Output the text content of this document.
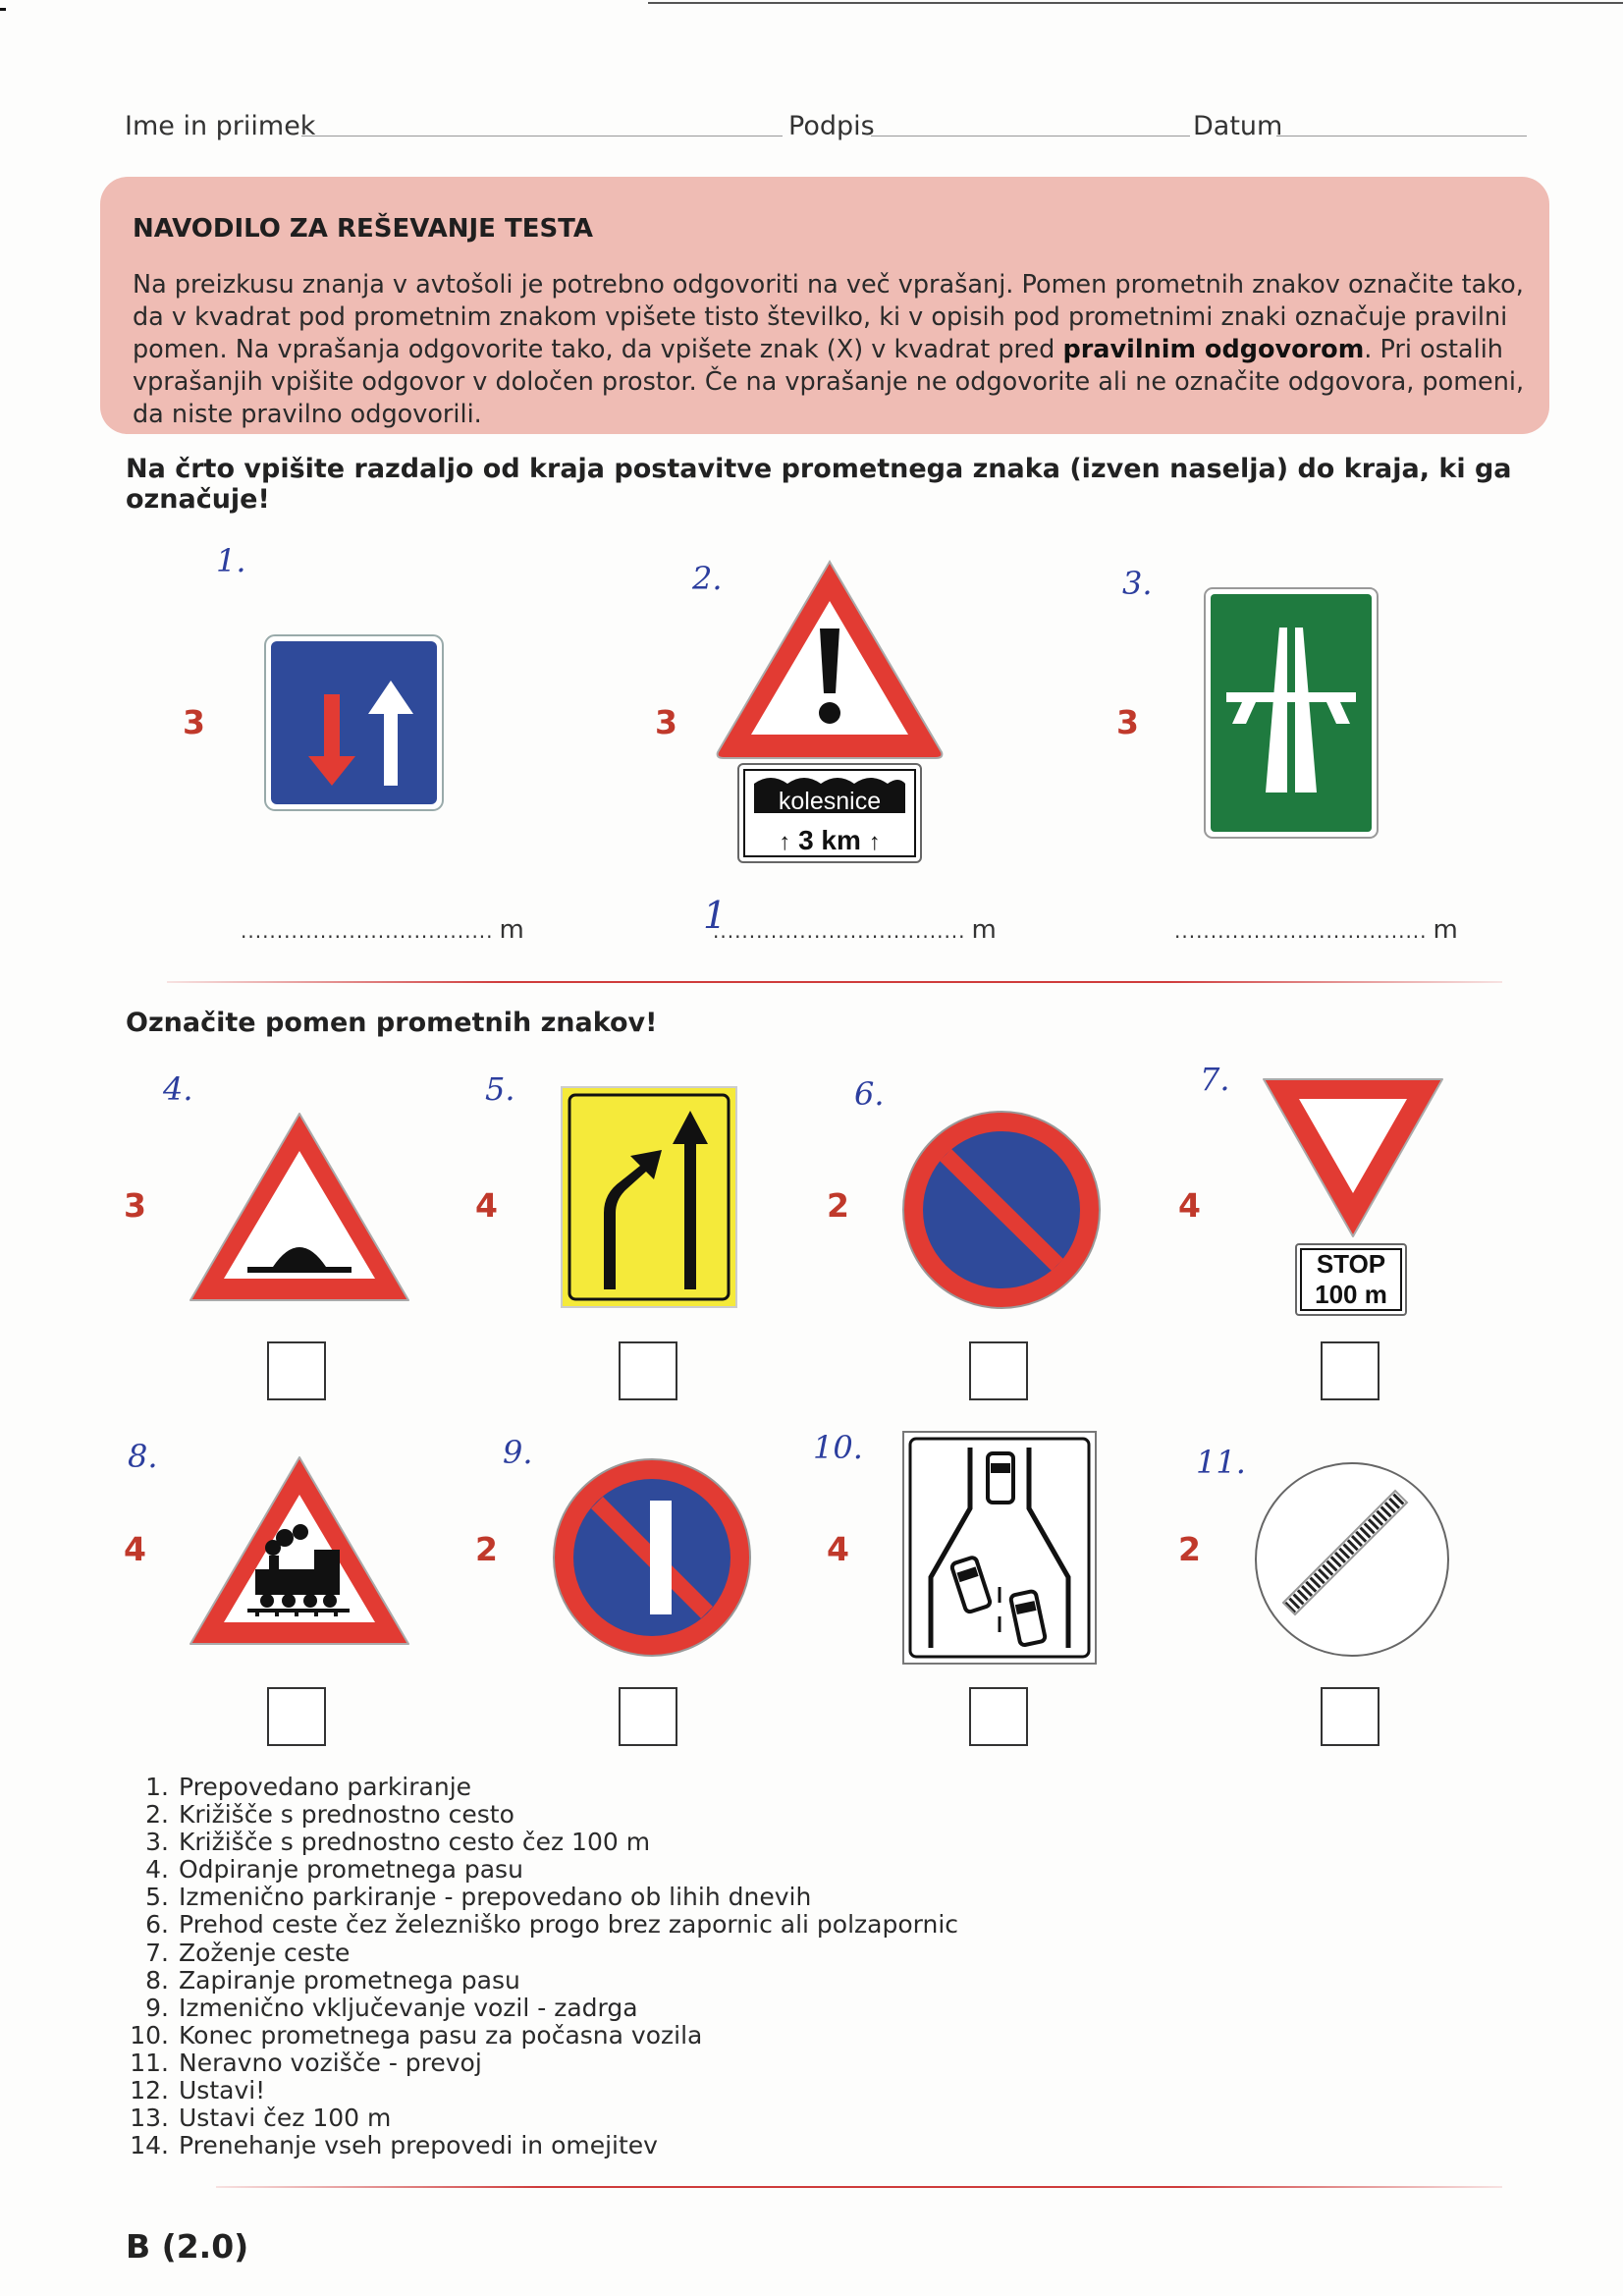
Ime in priimek	Podpis	Datum
NAVODILO ZA REŠEVANJE TESTA
Na preizkusu znanja v avtošoli je potrebno odgovoriti na več vprašanj. Pomen prometnih znakov označite tako, da v kvadrat pod prometnim znakom vpišete tisto številko, ki v opisih pod prometnimi znaki označuje pravilni pomen. Na vprašanja odgovorite tako, da vpišete znak (X) v kvadrat pred pravilnim odgovorom. Pri ostalih vprašanjih vpišite odgovor v določen prostor. Če na vprašanje ne odgovorite ali ne označite odgovora, pomeni, da niste pravilno odgovorili.
Na črto vpišite razdaljo od kraja postavitve prometnega znaka (izven naselja) do kraja, ki ga označuje!
1.
3
................................... m
2.
3
kolesnice
↑ 3 km ↑
1
................................... m
3.
3
................................... m
Označite pomen prometnih znakov!
4.
3
5.
4
6.
2
7.
4
STOP
100 m
8.
4
9.
2
10.
4
11.
2
1. Prepovedano parkiranje
2. Križišče s prednostno cesto
3. Križišče s prednostno cesto čez 100 m
4. Odpiranje prometnega pasu
5. Izmenično parkiranje - prepovedano ob lihih dnevih
6. Prehod ceste čez železniško progo brez zapornic ali polzapornic
7. Zoženje ceste
8. Zapiranje prometnega pasu
9. Izmenično vključevanje vozil - zadrga
10. Konec prometnega pasu za počasna vozila
11. Neravno vozišče - prevoj
12. Ustavi!
13. Ustavi čez 100 m
14. Prenehanje vseh prepovedi in omejitev
B (2.0)
